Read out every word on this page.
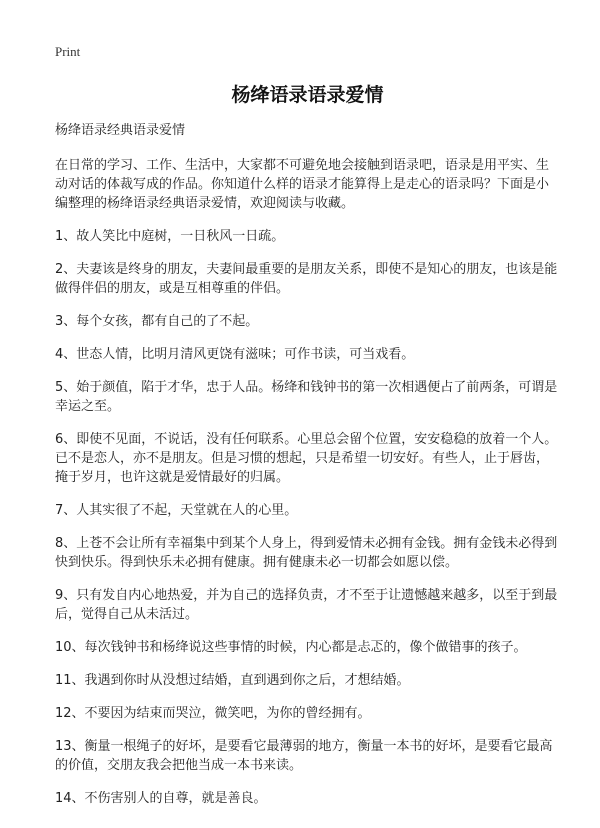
Print
杨绛语录语录爱情
杨绛语录经典语录爱情
在日常的学习、工作、生活中，大家都不可避免地会接触到语录吧，语录是用平实、生动对话的体裁写成的作品。你知道什么样的语录才能算得上是走心的语录吗？下面是小编整理的杨绛语录经典语录爱情，欢迎阅读与收藏。
1、故人笑比中庭树，一日秋风一日疏。
2、夫妻该是终身的朋友，夫妻间最重要的是朋友关系，即使不是知心的朋友，也该是能做得伴侣的朋友，或是互相尊重的伴侣。
3、每个女孩，都有自己的了不起。
4、世态人情，比明月清风更饶有滋味；可作书读，可当戏看。
5、始于颜值，陷于才华，忠于人品。杨绛和钱钟书的第一次相遇便占了前两条，可谓是幸运之至。
6、即使不见面，不说话，没有任何联系。心里总会留个位置，安安稳稳的放着一个人。已不是恋人，亦不是朋友。但是习惯的想起，只是希望一切安好。有些人，止于唇齿，掩于岁月，也许这就是爱情最好的归属。
7、人其实很了不起，天堂就在人的心里。
8、上苍不会让所有幸福集中到某个人身上，得到爱情未必拥有金钱。拥有金钱未必得到快到快乐。得到快乐未必拥有健康。拥有健康未必一切都会如愿以偿。
9、只有发自内心地热爱，并为自己的选择负责，才不至于让遗憾越来越多，以至于到最后，觉得自己从未活过。
10、每次钱钟书和杨绛说这些事情的时候，内心都是忐忑的，像个做错事的孩子。
11、我遇到你时从没想过结婚，直到遇到你之后，才想结婚。
12、不要因为结束而哭泣，微笑吧，为你的曾经拥有。
13、衡量一根绳子的好坏，是要看它最薄弱的地方，衡量一本书的好坏，是要看它最高的价值，交朋友我会把他当成一本书来读。
14、不伤害别人的自尊，就是善良。
